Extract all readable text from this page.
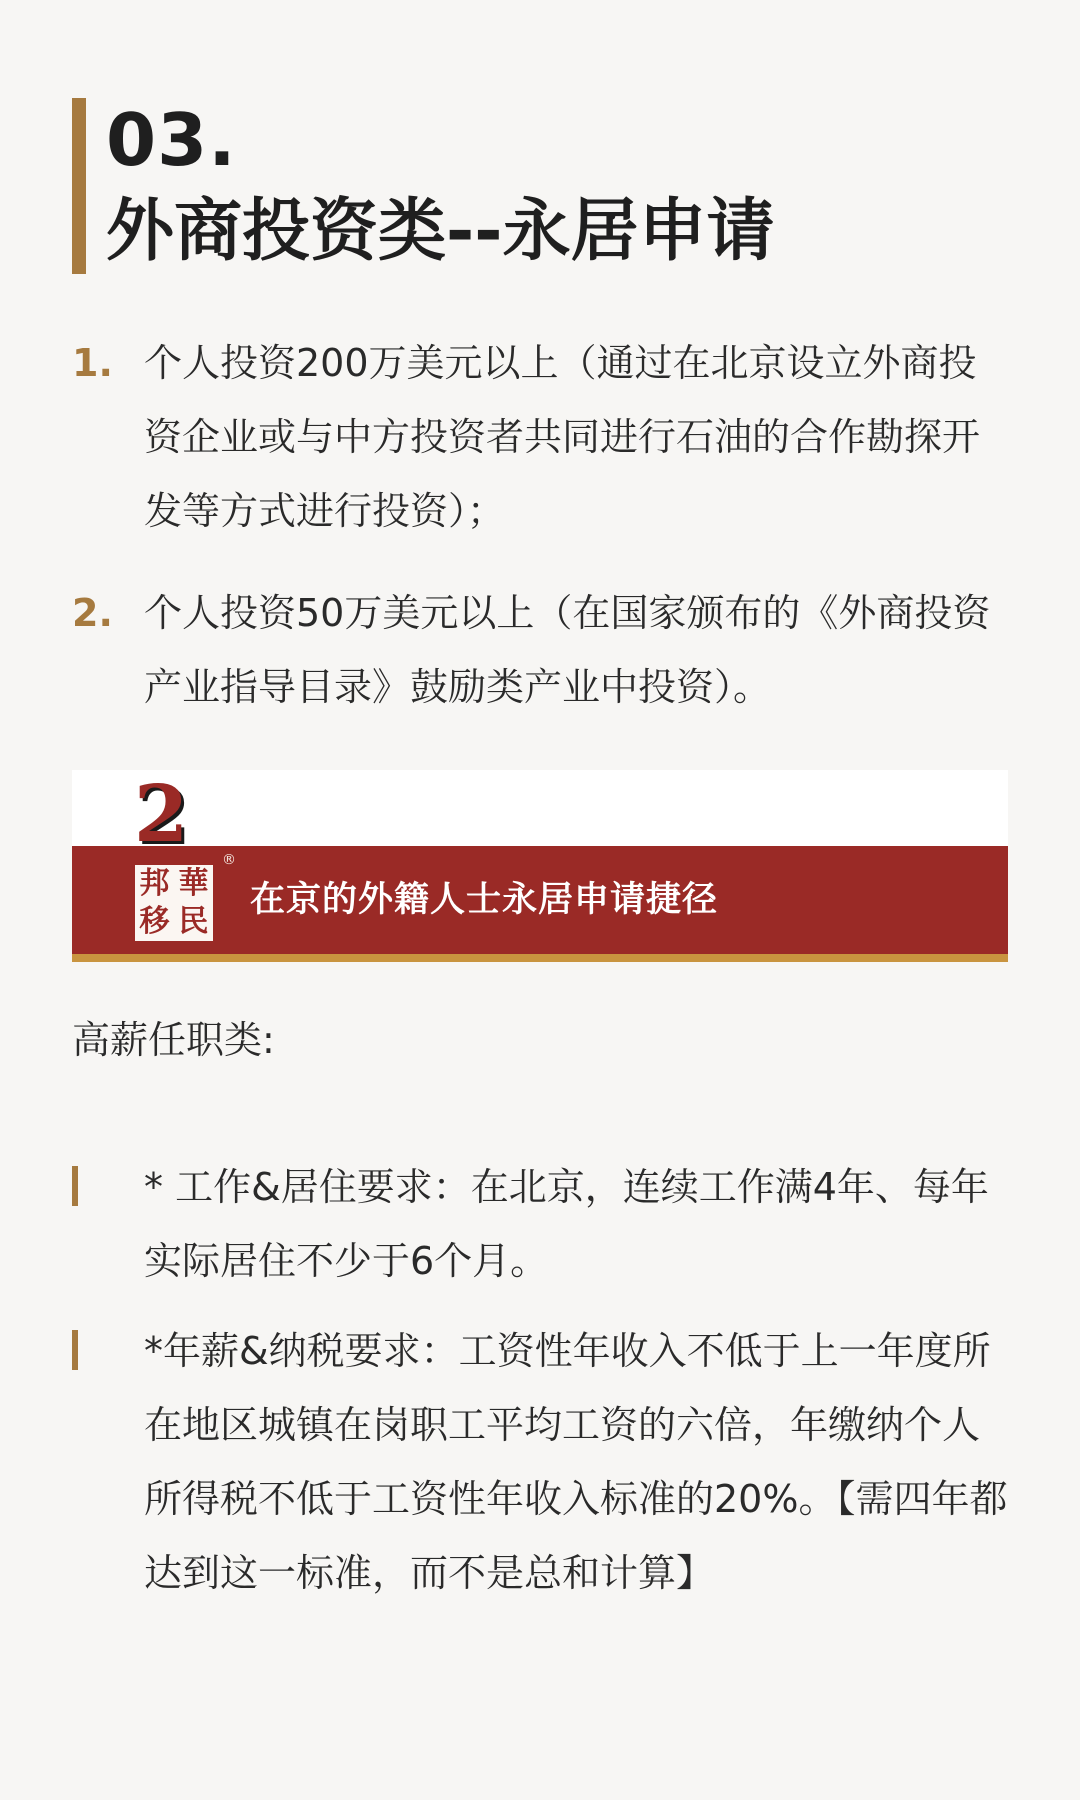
03.
外商投资类--永居申请
1. 个人投资200万美元以上（通过在北京设立外商投资企业或与中方投资者共同进行石油的合作勘探开发等方式进行投资）；
2. 个人投资50万美元以上（在国家颁布的《外商投资产业指导目录》鼓励类产业中投资）。
2
邦 華
移 民
®
在京的外籍人士永居申请捷径
高薪任职类:
* 工作&居住要求：在北京，连续工作满4年、每年实际居住不少于6个月。
*年薪&纳税要求：工资性年收入不低于上一年度所在地区城镇在岗职工平均工资的六倍，年缴纳个人所得税不低于工资性年收入标准的20%。【需四年都达到这一标准，而不是总和计算】
